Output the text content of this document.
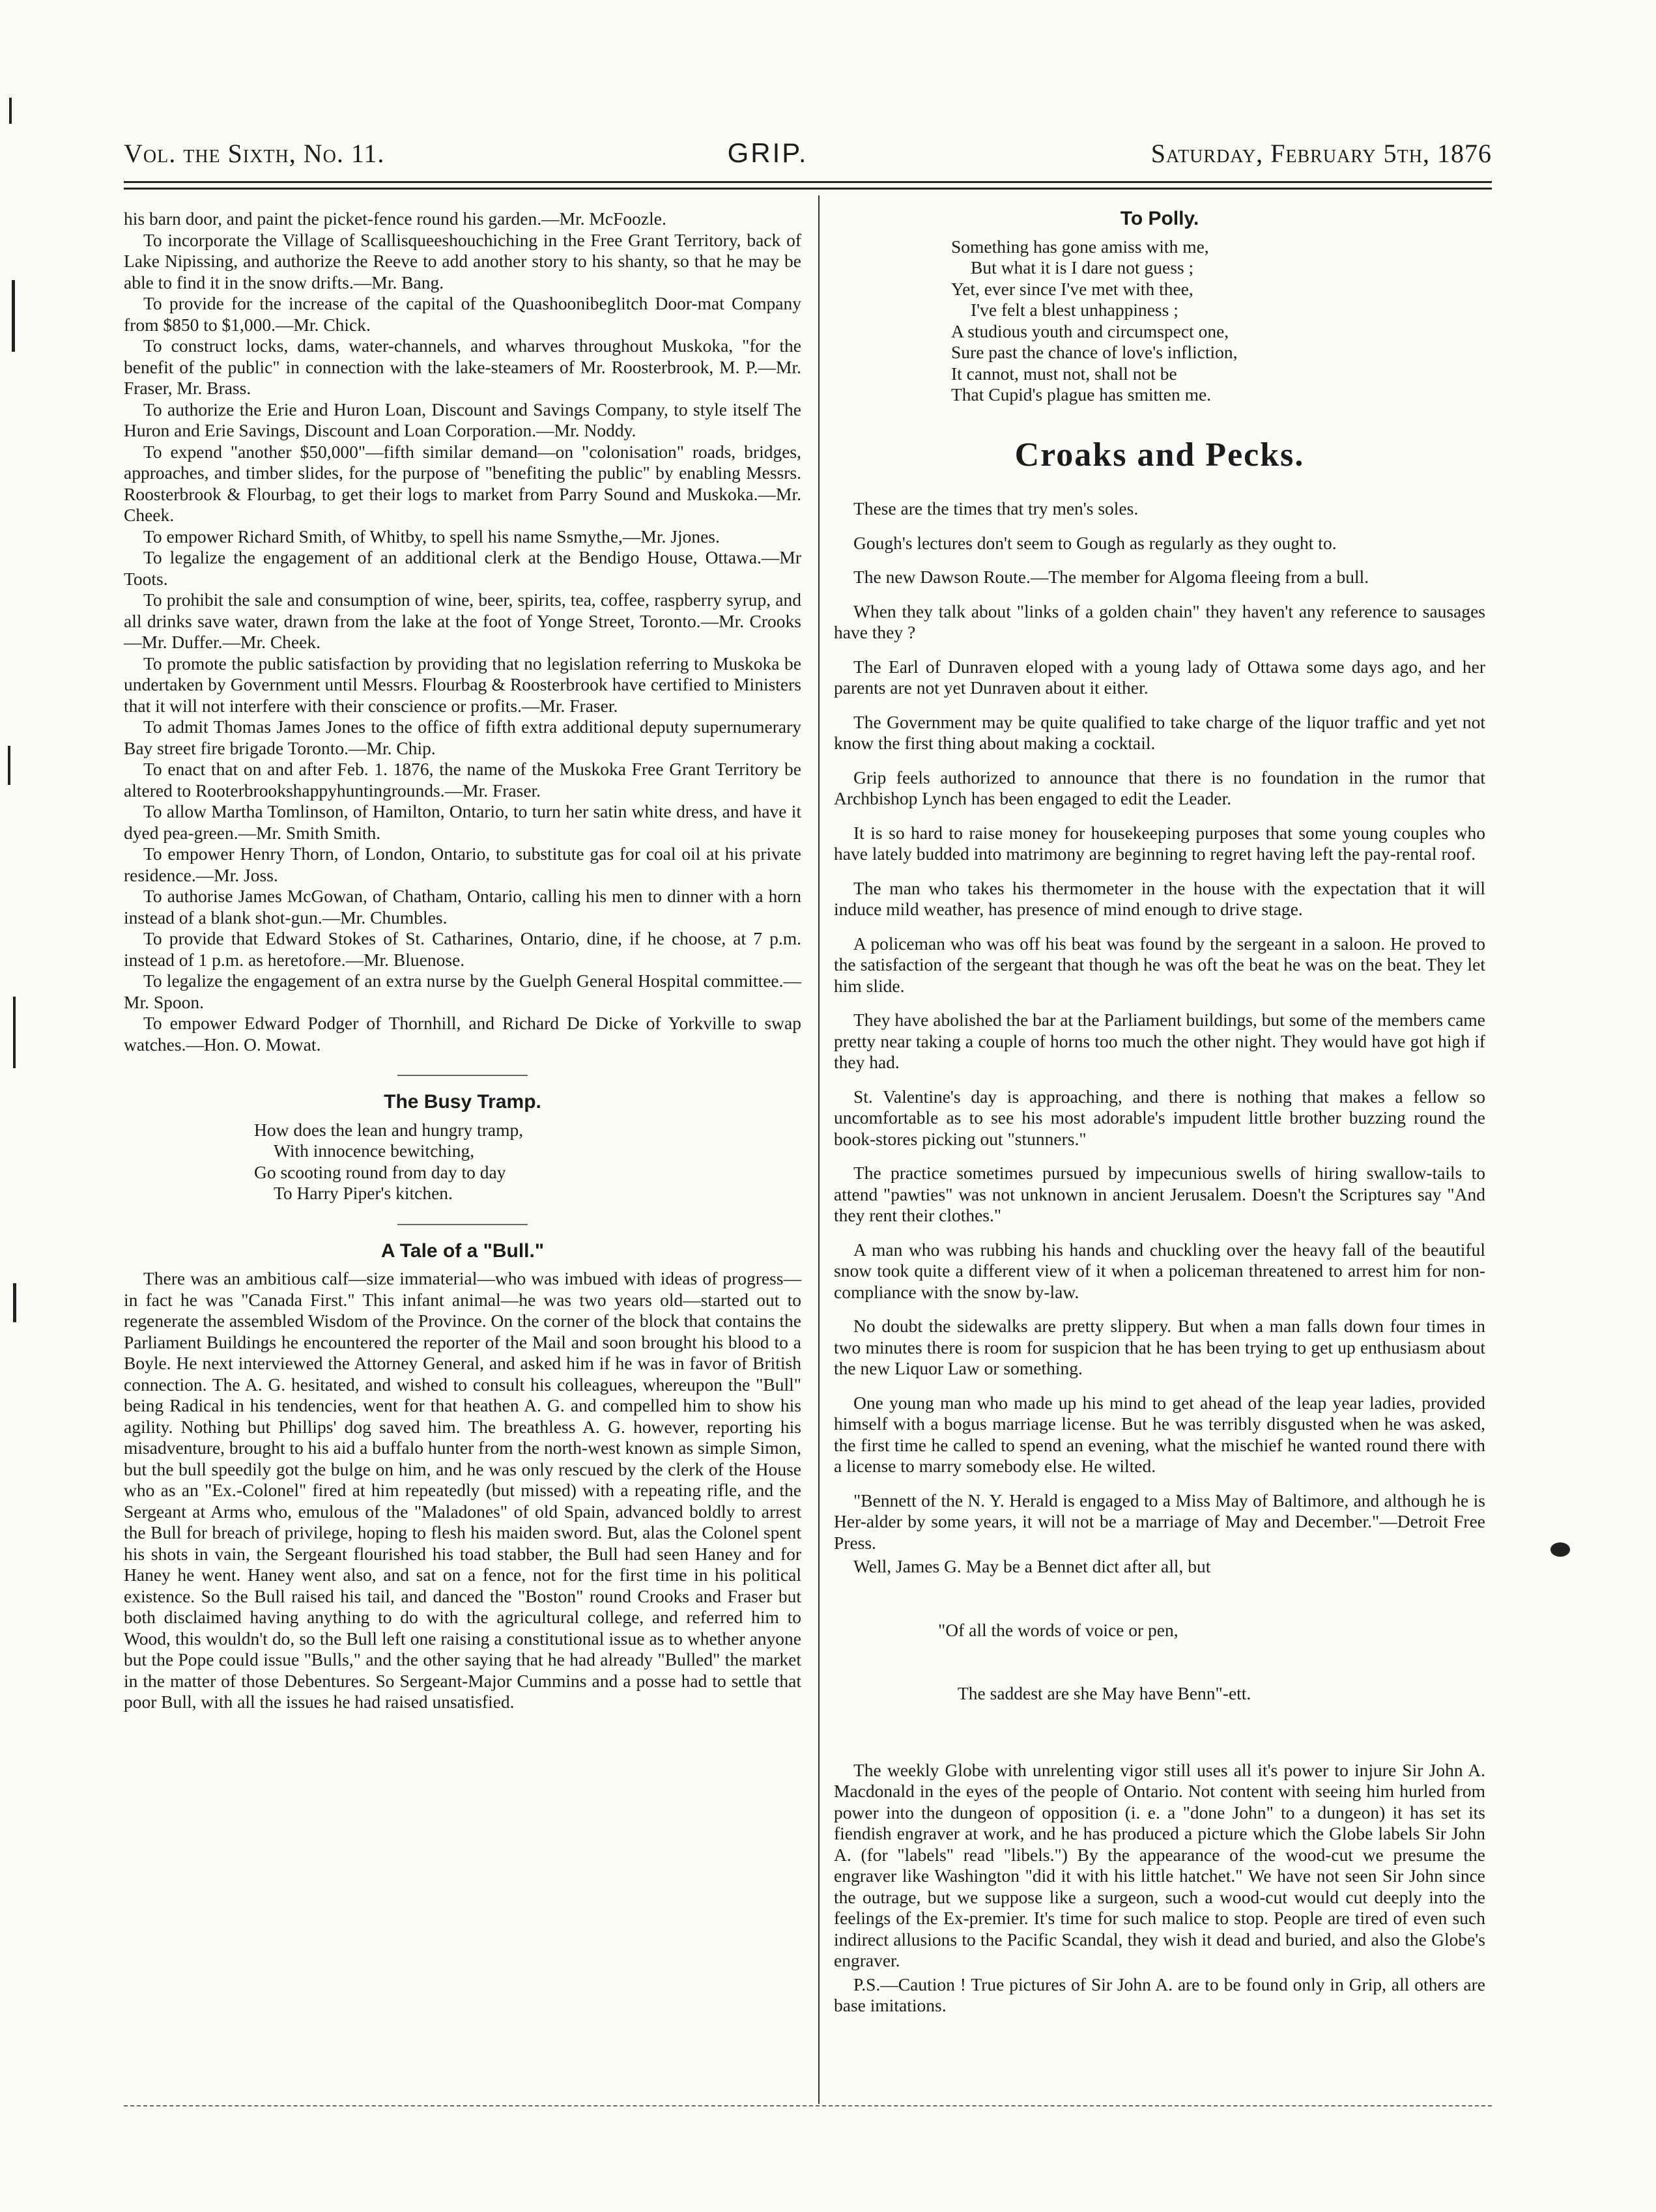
Vol. the Sixth, No. 11.	GRIP.	Saturday, February 5th, 1876

his barn door, and paint the picket-fence round his garden.—Mr. McFoozle.

To incorporate the Village of Scallisqueeshouchiching in the Free Grant Territory, back of Lake Nipissing, and authorize the Reeve to add another story to his shanty, so that he may be able to find it in the snow drifts.—Mr. Bang.

To provide for the increase of the capital of the Quashoonibeglitch Door-mat Company from $850 to $1,000.—Mr. Chick.

To construct locks, dams, water-channels, and wharves throughout Muskoka, "for the benefit of the public" in connection with the lake-steamers of Mr. Roosterbrook, M. P.—Mr. Fraser, Mr. Brass.

To authorize the Erie and Huron Loan, Discount and Savings Company, to style itself The Huron and Erie Savings, Discount and Loan Corporation.—Mr. Noddy.

To expend "another $50,000"—fifth similar demand—on "colonisation" roads, bridges, approaches, and timber slides, for the purpose of "benefiting the public" by enabling Messrs. Roosterbrook & Flourbag, to get their logs to market from Parry Sound and Muskoka.—Mr. Cheek.

To empower Richard Smith, of Whitby, to spell his name Ssmythe,—Mr. Jjones.

To legalize the engagement of an additional clerk at the Bendigo House, Ottawa.—Mr Toots.

To prohibit the sale and consumption of wine, beer, spirits, tea, coffee, raspberry syrup, and all drinks save water, drawn from the lake at the foot of Yonge Street, Toronto.—Mr. Crooks—Mr. Duffer.—Mr. Cheek.

To promote the public satisfaction by providing that no legislation referring to Muskoka be undertaken by Government until Messrs. Flourbag & Roosterbrook have certified to Ministers that it will not interfere with their conscience or profits.—Mr. Fraser.

To admit Thomas James Jones to the office of fifth extra additional deputy supernumerary Bay street fire brigade Toronto.—Mr. Chip.

To enact that on and after Feb. 1. 1876, the name of the Muskoka Free Grant Territory be altered to Rooterbrookshappyhuntingrounds.—Mr. Fraser.

To allow Martha Tomlinson, of Hamilton, Ontario, to turn her satin white dress, and have it dyed pea-green.—Mr. Smith Smith.

To empower Henry Thorn, of London, Ontario, to substitute gas for coal oil at his private residence.—Mr. Joss.

To authorise James McGowan, of Chatham, Ontario, calling his men to dinner with a horn instead of a blank shot-gun.—Mr. Chumbles.

To provide that Edward Stokes of St. Catharines, Ontario, dine, if he choose, at 7 p.m. instead of 1 p.m. as heretofore.—Mr. Bluenose.

To legalize the engagement of an extra nurse by the Guelph General Hospital committee.—Mr. Spoon.

To empower Edward Podger of Thornhill, and Richard De Dicke of Yorkville to swap watches.—Hon. O. Mowat.

The Busy Tramp.
How does the lean and hungry tramp,
With innocence bewitching,
Go scooting round from day to day
To Harry Piper's kitchen.
A Tale of a "Bull."

There was an ambitious calf—size immaterial—who was imbued with ideas of progress—in fact he was "Canada First." This infant animal—he was two years old—started out to regenerate the assembled Wisdom of the Province. On the corner of the block that contains the Parliament Buildings he encountered the reporter of the Mail and soon brought his blood to a Boyle. He next interviewed the Attorney General, and asked him if he was in favor of British connection. The A. G. hesitated, and wished to consult his colleagues, whereupon the "Bull" being Radical in his tendencies, went for that heathen A. G. and compelled him to show his agility. Nothing but Phillips' dog saved him. The breathless A. G. however, reporting his misadventure, brought to his aid a buffalo hunter from the north-west known as simple Simon, but the bull speedily got the bulge on him, and he was only rescued by the clerk of the House who as an "Ex.-Colonel" fired at him repeatedly (but missed) with a repeating rifle, and the Sergeant at Arms who, emulous of the "Maladones" of old Spain, advanced boldly to arrest the Bull for breach of privilege, hoping to flesh his maiden sword. But, alas the Colonel spent his shots in vain, the Sergeant flourished his toad stabber, the Bull had seen Haney and for Haney he went. Haney went also, and sat on a fence, not for the first time in his political existence. So the Bull raised his tail, and danced the "Boston" round Crooks and Fraser but both disclaimed having anything to do with the agricultural college, and referred him to Wood, this wouldn't do, so the Bull left one raising a constitutional issue as to whether anyone but the Pope could issue "Bulls," and the other saying that he had already "Bulled" the market in the matter of those Debentures. So Sergeant-Major Cummins and a posse had to settle that poor Bull, with all the issues he had raised unsatisfied.

To Polly.
Something has gone amiss with me,
But what it is I dare not guess ;
Yet, ever since I've met with thee,
I've felt a blest unhappiness ;
A studious youth and circumspect one,
Sure past the chance of love's infliction,
It cannot, must not, shall not be
That Cupid's plague has smitten me.
Croaks and Pecks.

These are the times that try men's soles.

Gough's lectures don't seem to Gough as regularly as they ought to.

The new Dawson Route.—The member for Algoma fleeing from a bull.

When they talk about "links of a golden chain" they haven't any reference to sausages have they ?

The Earl of Dunraven eloped with a young lady of Ottawa some days ago, and her parents are not yet Dunraven about it either.

The Government may be quite qualified to take charge of the liquor traffic and yet not know the first thing about making a cocktail.

Grip feels authorized to announce that there is no foundation in the rumor that Archbishop Lynch has been engaged to edit the Leader.

It is so hard to raise money for housekeeping purposes that some young couples who have lately budded into matrimony are beginning to regret having left the pay-rental roof.

The man who takes his thermometer in the house with the expectation that it will induce mild weather, has presence of mind enough to drive stage.

A policeman who was off his beat was found by the sergeant in a saloon. He proved to the satisfaction of the sergeant that though he was oft the beat he was on the beat. They let him slide.

They have abolished the bar at the Parliament buildings, but some of the members came pretty near taking a couple of horns too much the other night. They would have got high if they had.

St. Valentine's day is approaching, and there is nothing that makes a fellow so uncomfortable as to see his most adorable's impudent little brother buzzing round the book-stores picking out "stunners."

The practice sometimes pursued by impecunious swells of hiring swallow-tails to attend "pawties" was not unknown in ancient Jerusalem. Doesn't the Scriptures say "And they rent their clothes."

A man who was rubbing his hands and chuckling over the heavy fall of the beautiful snow took quite a different view of it when a policeman threatened to arrest him for non-compliance with the snow by-law.

No doubt the sidewalks are pretty slippery. But when a man falls down four times in two minutes there is room for suspicion that he has been trying to get up enthusiasm about the new Liquor Law or something.

One young man who made up his mind to get ahead of the leap year ladies, provided himself with a bogus marriage license. But he was terribly disgusted when he was asked, the first time he called to spend an evening, what the mischief he wanted round there with a license to marry somebody else. He wilted.

"Bennett of the N. Y. Herald is engaged to a Miss May of Baltimore, and although he is Her-alder by some years, it will not be a marriage of May and December."—Detroit Free Press.

Well, James G. May be a Bennet dict after all, but

"Of all the words of voice or pen,

The saddest are she May have Benn"-ett.

The weekly Globe with unrelenting vigor still uses all it's power to injure Sir John A. Macdonald in the eyes of the people of Ontario. Not content with seeing him hurled from power into the dungeon of opposition (i. e. a "done John" to a dungeon) it has set its fiendish engraver at work, and he has produced a picture which the Globe labels Sir John A. (for "labels" read "libels.") By the appearance of the wood-cut we presume the engraver like Washington "did it with his little hatchet." We have not seen Sir John since the outrage, but we suppose like a surgeon, such a wood-cut would cut deeply into the feelings of the Ex-premier. It's time for such malice to stop. People are tired of even such indirect allusions to the Pacific Scandal, they wish it dead and buried, and also the Globe's engraver.

P.S.—Caution ! True pictures of Sir John A. are to be found only in Grip, all others are base imitations.
